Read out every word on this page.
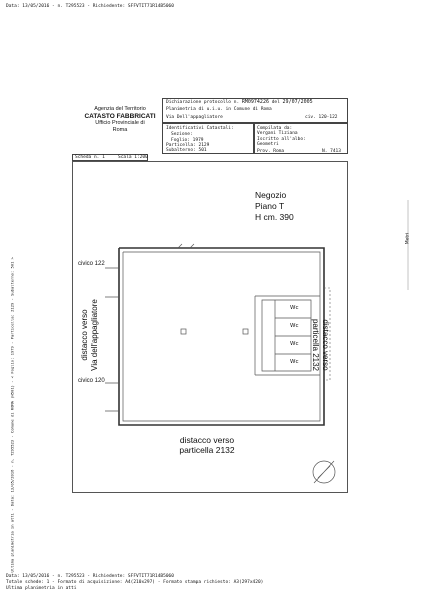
Data: 13/05/2016 - n. T295523 - Richiedente: SFFVTIT71R14B5060
Agenzia del Territorio
CATASTO FABBRICATI
Ufficio Provinciale di
Roma
Dichiarazione protocollo n. RM0974226 del 29/07/2005
Planimetria di u.i.u. in Comune di Roma
Via Dell'appagliatore	civ. 120-122
Identificativi Catastali:
Sezione:
Foglio: 1979
Particella: 2129
Subalterno: 501
Compilata da:
Vergani Tiziana
Iscritto all'albo:
Geometri
Prov. Roma	N. 7413
Scheda n. 1	Scala 1:200
Negozio
Piano T
H cm. 390
civico 122
civico 120
distacco verso Via dell'appagliatore	distacco verso
particella 2132
distacco verso
particella 2132
Wc
Wc
Wc
Wc
Ultima planimetria in atti - Data: 13/05/2016 - n. T295523 - Comune di ROMA (H501) - < Foglio: 1979 - Particella: 2129 - Subalterno: 501 >
Metri
Data: 13/05/2016 - n. T295523 - Richiedente: SFFVTIT71R14B5060
Totale schede: 1 - Formato di acquisizione: A4(210x297) - Formato stampa richiesto: A3(297x420)
Ultima planimetria in atti
